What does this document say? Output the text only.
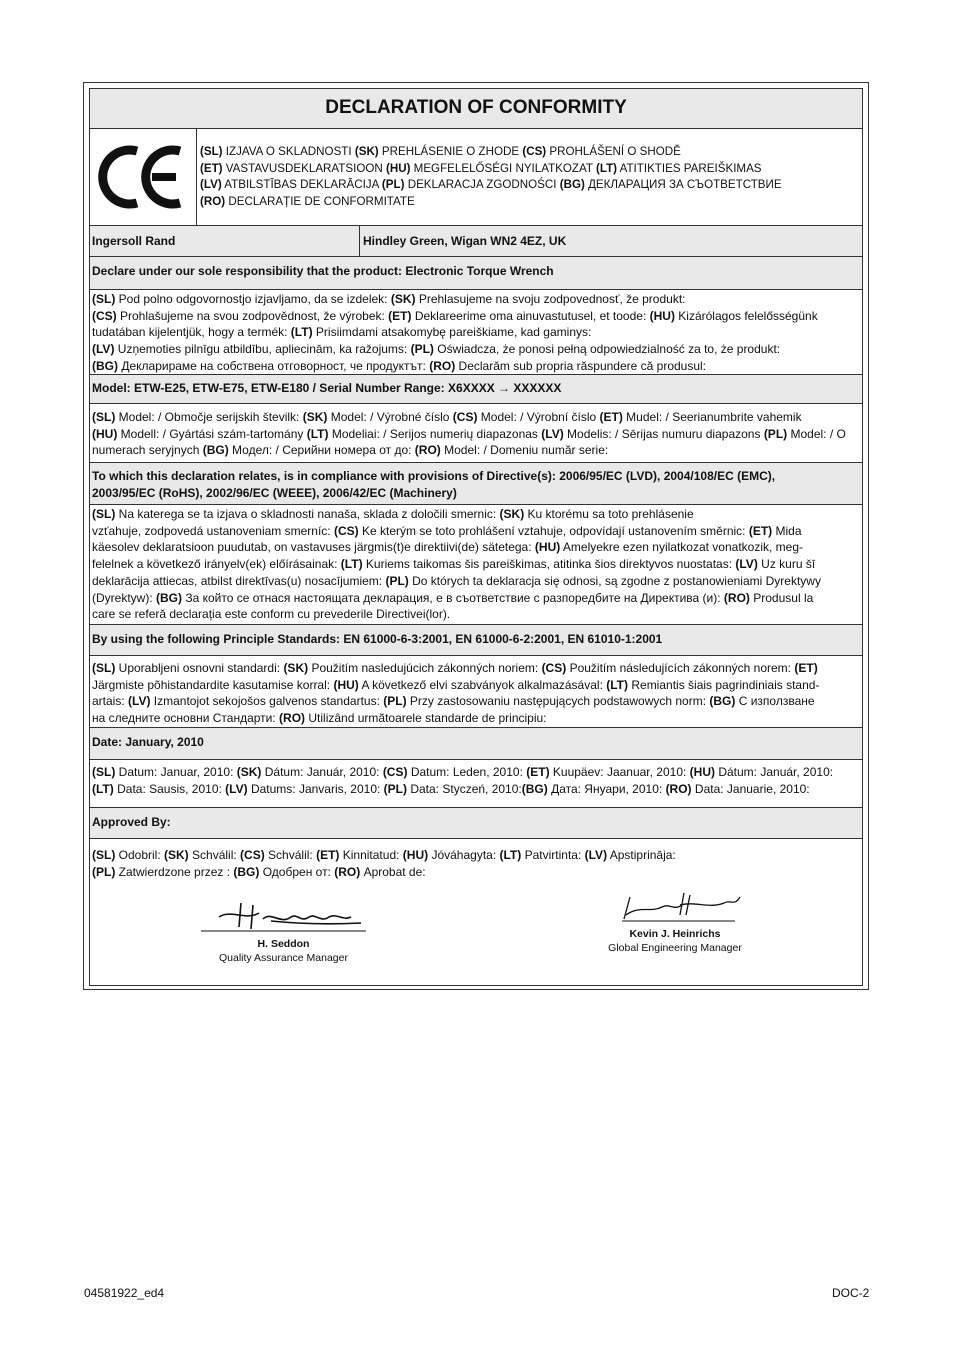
DECLARATION OF CONFORMITY
(SL) IZJAVA O SKLADNOSTI (SK) PREHLÁSENIE O ZHODE (CS) PROHLÁŠENÍ O SHODĚ
(ET) VASTAVUSDEKLARATSIOON (HU) MEGFELELŐSÉGI NYILATKOZAT (LT) ATITIKTIES PAREIŠKIMAS
(LV) ATBILSTĪBAS DEKLARĀCIJA (PL) DEKLARACJA ZGODNOŚCI (BG) ДЕКЛАРАЦИЯ ЗА СЪОТВЕТСТВИЕ
(RO) DECLARAȚIE DE CONFORMITATE
Ingersoll Rand	Hindley Green, Wigan WN2 4EZ, UK
Declare under our sole responsibility that the product: Electronic Torque Wrench
(SL) Pod polno odgovornostjo izjavljamo, da se izdelek: (SK) Prehlasujeme na svoju zodpovednosť, že produkt:
(CS) Prohlašujeme na svou zodpovědnost, že výrobek: (ET) Deklareerime oma ainuvastutusel, et toode: (HU) Kizárólagos felelősségünk
tudatában kijelentjük, hogy a termék: (LT) Prisiimdami atsakomybę pareiškiame, kad gaminys:
(LV) Uzņemoties pilnīgu atbildību, apliecinām, ka ražojums: (PL) Oświadcza, że ponosi pełną odpowiedzialność za to, że produkt:
(BG) Декларираме на собствена отговорност, че продуктът: (RO) Declarăm sub propria răspundere că produsul:
Model: ETW-E25, ETW-E75, ETW-E180 / Serial Number Range: X6XXXX → XXXXXX
(SL) Model: / Območje serijskih številk: (SK) Model: / Výrobné číslo (CS) Model: / Výrobní číslo (ET) Mudel: / Seerianumbrite vahemik
(HU) Modell: / Gyártási szám-tartomány (LT) Modeliai: / Serijos numerių diapazonas (LV) Modelis: / Sērijas numuru diapazons (PL) Model: / O
numerach seryjnych (BG) Модел: / Серийни номера от до: (RO) Model: / Domeniu număr serie:
To which this declaration relates, is in compliance with provisions of Directive(s): 2006/95/EC (LVD), 2004/108/EC (EMC),
2003/95/EC (RoHS), 2002/96/EC (WEEE), 2006/42/EC (Machinery)
(SL) Na katerega se ta izjava o skladnosti nanaša, sklada z določili smernic: (SK) Ku ktorému sa toto prehlásenie
vzťahuje, zodpovedá ustanoveniam smerníc: (CS) Ke kterým se toto prohlášení vztahuje, odpovídají ustanovením směrnic: (ET) Mida
käesolev deklaratsioon puudutab, on vastavuses järgmis(t)e direktiivi(de) sätetega: (HU) Amelyekre ezen nyilatkozat vonatkozik, meg-
felelnek a következő irányelv(ek) előírásainak: (LT) Kuriems taikomas šis pareiškimas, atitinka šios direktyvos nuostatas: (LV) Uz kuru šī
deklarācija attiecas, atbilst direktīvas(u) nosacījumiem: (PL) Do których ta deklaracja się odnosi, są zgodne z postanowieniami Dyrektywy
(Dyrektyw): (BG) За който се отнася настоящата декларация, е в съответствие с разпоредбите на Директива (и): (RO) Produsul la
care se referă declarația este conform cu prevederile Directivei(lor).
By using the following Principle Standards: EN 61000-6-3:2001, EN 61000-6-2:2001, EN 61010-1:2001
(SL) Uporabljeni osnovni standardi: (SK) Použitím nasledujúcich zákonných noriem: (CS) Použitím následujících zákonných norem: (ET)
Järgmiste põhistandardite kasutamise korral: (HU) A következő elvi szabványok alkalmazásával: (LT) Remiantis šiais pagrindiniais stand-
artais: (LV) Izmantojot sekojošos galvenos standartus: (PL) Przy zastosowaniu następujących podstawowych norm: (BG) С използване
на следните основни Стандарти: (RO) Utilizând urmãtoarele standarde de principiu:
Date: January, 2010
(SL) Datum: Januar, 2010: (SK) Dátum: Január, 2010: (CS) Datum: Leden, 2010: (ET) Kuupäev: Jaanuar, 2010: (HU) Dátum: Január, 2010:
(LT) Data: Sausis, 2010: (LV) Datums: Janvaris, 2010: (PL) Data: Styczeń, 2010:(BG) Дата: Януари, 2010: (RO) Data: Januarie, 2010:
Approved By:
(SL) Odobril: (SK) Schválil: (CS) Schválil: (ET) Kinnitatud: (HU) Jóváhagyta: (LT) Patvirtinta: (LV) Apstiprināja:
(PL) Zatwierdzone przez : (BG) Одобрен от: (RO) Aprobat de:
H. Seddon
Quality Assurance Manager
Kevin J. Heinrichs
Global Engineering Manager
04581922_ed4	DOC-2
